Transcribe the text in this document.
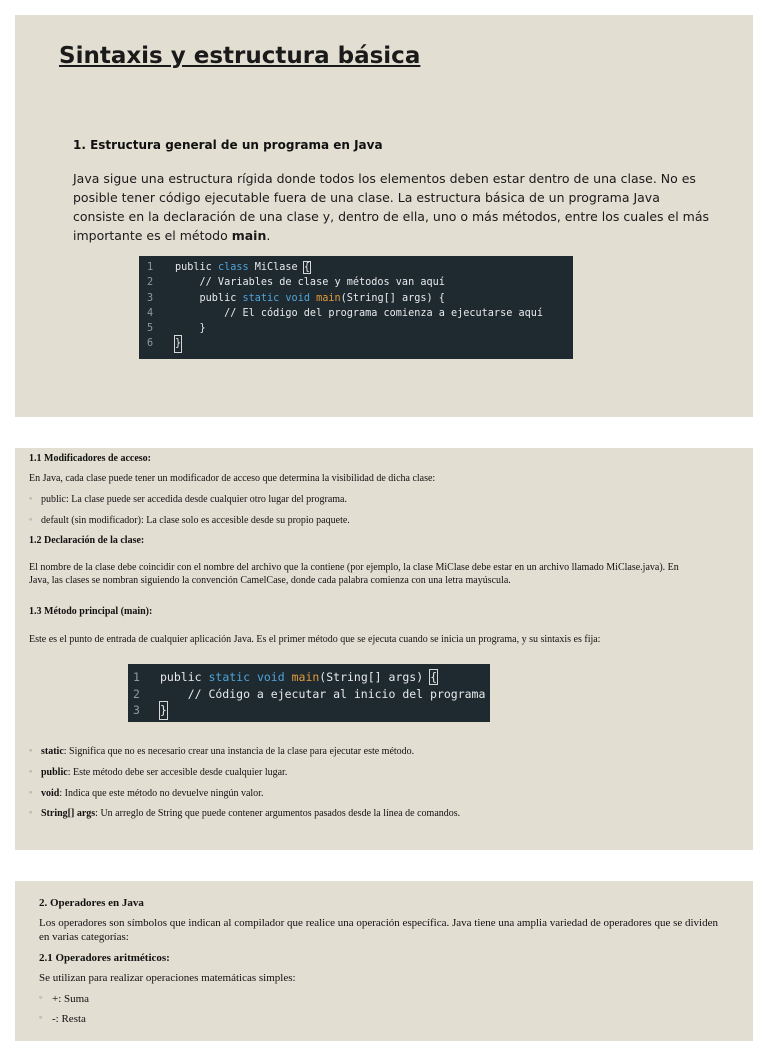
Sintaxis y estructura básica
1. Estructura general de un programa en Java

Java sigue una estructura rígida donde todos los elementos deben estar dentro de una clase. No es posible tener código ejecutable fuera de una clase. La estructura básica de un programa Java consiste en la declaración de una clase y, dentro de ella, uno o más métodos, entre los cuales el más importante es el método main.

1	public class MiClase {
2	// Variables de clase y métodos van aquí
3	public static void main(String[] args) {
4	// El código del programa comienza a ejecutarse aquí
5	}
6	}

1.1 Modificadores de acceso:

En Java, cada clase puede tener un modificador de acceso que determina la visibilidad de dicha clase:

◦ public: La clase puede ser accedida desde cualquier otro lugar del programa.

◦ default (sin modificador): La clase solo es accesible desde su propio paquete.

1.2 Declaración de la clase:

El nombre de la clase debe coincidir con el nombre del archivo que la contiene (por ejemplo, la clase MiClase debe estar en un archivo llamado MiClase.java). En Java, las clases se nombran siguiendo la convención CamelCase, donde cada palabra comienza con una letra mayúscula.

1.3 Método principal (main):

Este es el punto de entrada de cualquier aplicación Java. Es el primer método que se ejecuta cuando se inicia un programa, y su sintaxis es fija:

1	public static void main(String[] args) {
2	// Código a ejecutar al inicio del programa
3	}
◦ static: Significa que no es necesario crear una instancia de la clase para ejecutar este método.

◦ public: Este método debe ser accesible desde cualquier lugar.

◦ void: Indica que este método no devuelve ningún valor.

◦ String[] args: Un arreglo de String que puede contener argumentos pasados desde la línea de comandos.

2. Operadores en Java

Los operadores son símbolos que indican al compilador que realice una operación específica. Java tiene una amplia variedad de operadores que se dividen en varias categorías:

2.1 Operadores aritméticos:

Se utilizan para realizar operaciones matemáticas simples:

◦ +: Suma

◦ -: Resta
